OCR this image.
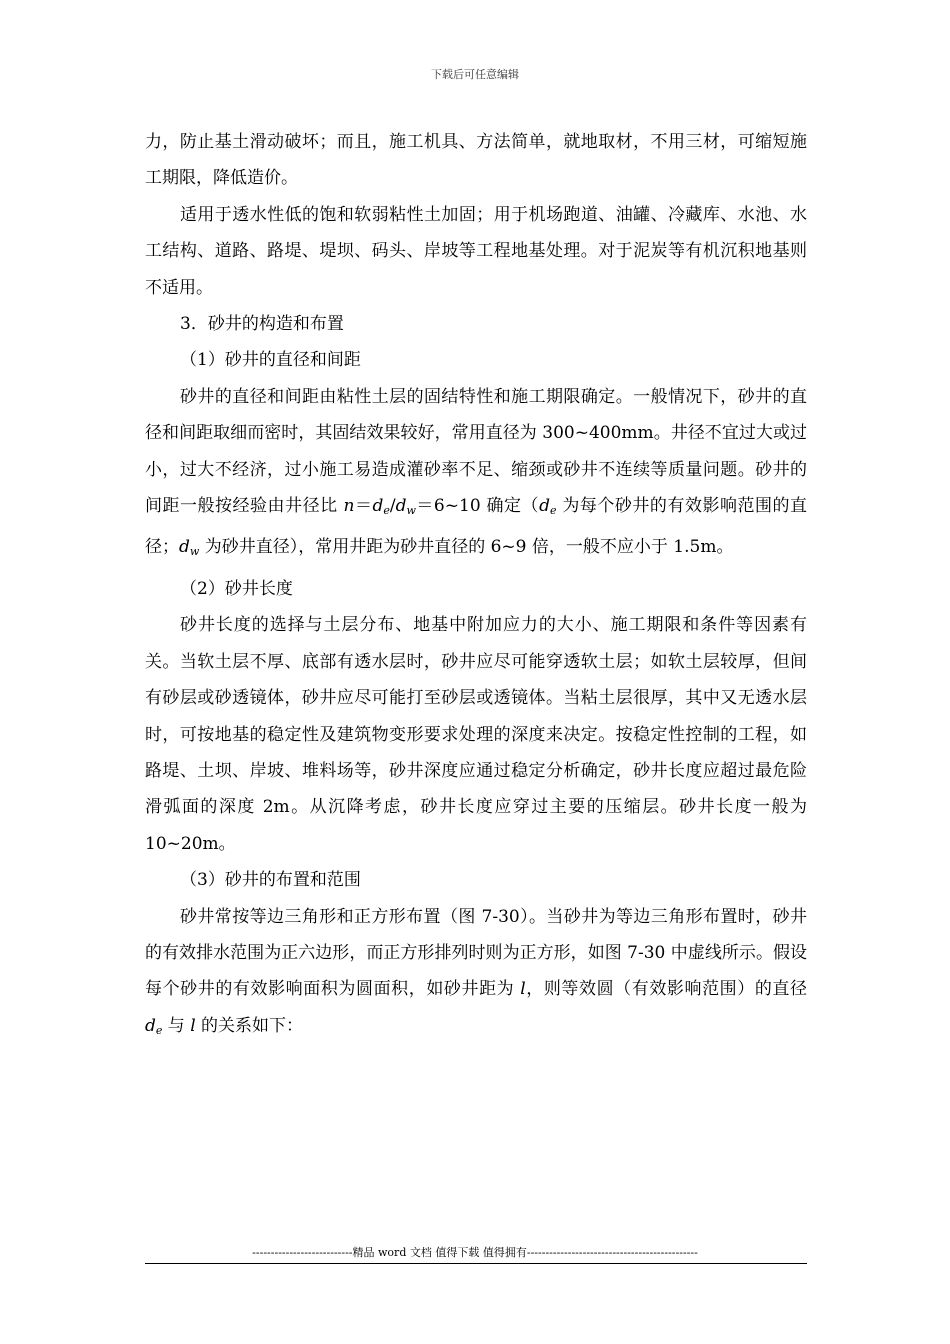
下载后可任意编辑

力，防止基土滑动破坏；而且，施工机具、方法简单，就地取材，不用三材，可缩短施工期限，降低造价。

适用于透水性低的饱和软弱粘性土加固；用于机场跑道、油罐、冷藏库、水池、水工结构、道路、路堤、堤坝、码头、岸坡等工程地基处理。对于泥炭等有机沉积地基则不适用。

3．砂井的构造和布置

（1）砂井的直径和间距

砂井的直径和间距由粘性土层的固结特性和施工期限确定。一般情况下，砂井的直径和间距取细而密时，其固结效果较好，常用直径为 300~400mm。井径不宜过大或过小，过大不经济，过小施工易造成灌砂率不足、缩颈或砂井不连续等质量问题。砂井的间距一般按经验由井径比 $n=d_e/d_w=6\sim 10$ 确定（$d_e$ 为每个砂井的有效影响范围的直径；$d_w$ 为砂井直径），常用井距为砂井直径的 6~9 倍，一般不应小于 1.5m。

（2）砂井长度

砂井长度的选择与土层分布、地基中附加应力的大小、施工期限和条件等因素有关。当软土层不厚、底部有透水层时，砂井应尽可能穿透软土层；如软土层较厚，但间有砂层或砂透镜体，砂井应尽可能打至砂层或透镜体。当粘土层很厚，其中又无透水层时，可按地基的稳定性及建筑物变形要求处理的深度来决定。按稳定性控制的工程，如路堤、土坝、岸坡、堆料场等，砂井深度应通过稳定分析确定，砂井长度应超过最危险滑弧面的深度 2m。从沉降考虑，砂井长度应穿过主要的压缩层。砂井长度一般为 10~20m。

（3）砂井的布置和范围

砂井常按等边三角形和正方形布置（图 7-30）。当砂井为等边三角形布置时，砂井的有效排水范围为正六边形，而正方形排列时则为正方形，如图 7-30 中虚线所示。假设每个砂井的有效影响面积为圆面积，如砂井距为 l，则等效圆（有效影响范围）的直径 $d_e$ 与 l 的关系如下：

---------------------------精品 word 文档 值得下载 值得拥有----------------------------------------------
